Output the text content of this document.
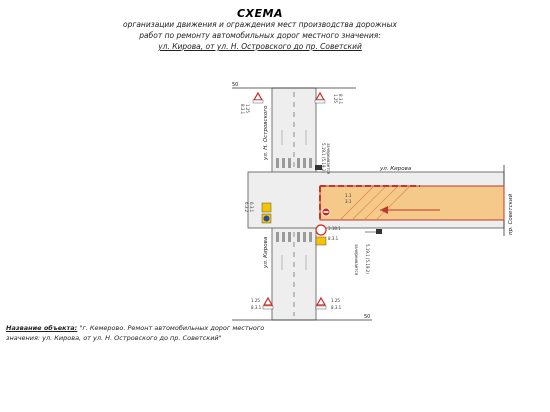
СХЕМА
организации движения и ограждения мест производства дорожных
работ по ремонту автомобильных дорог местного значения:
ул. Кирова, от ул. Н. Островского до пр. Советский
1.1
3.1
ул. Н. Островского
ул. Кирова
ул. Кирова
пр. Советский
50
50
1.25
8.3.1
1.25 8.3.1
5.19.1 (5.19.2) зачеркивается
6.3.1
6.3.2
3.18.1
8.3.1
5.19.1 (5.19.2)
зачеркивается
1.25
8.3.1
1.25
8.3.1
Название объекта: "г. Кемерово. Ремонт автомобильных дорог местного
значения: ул. Кирова, от ул. Н. Островского до пр. Советский"
